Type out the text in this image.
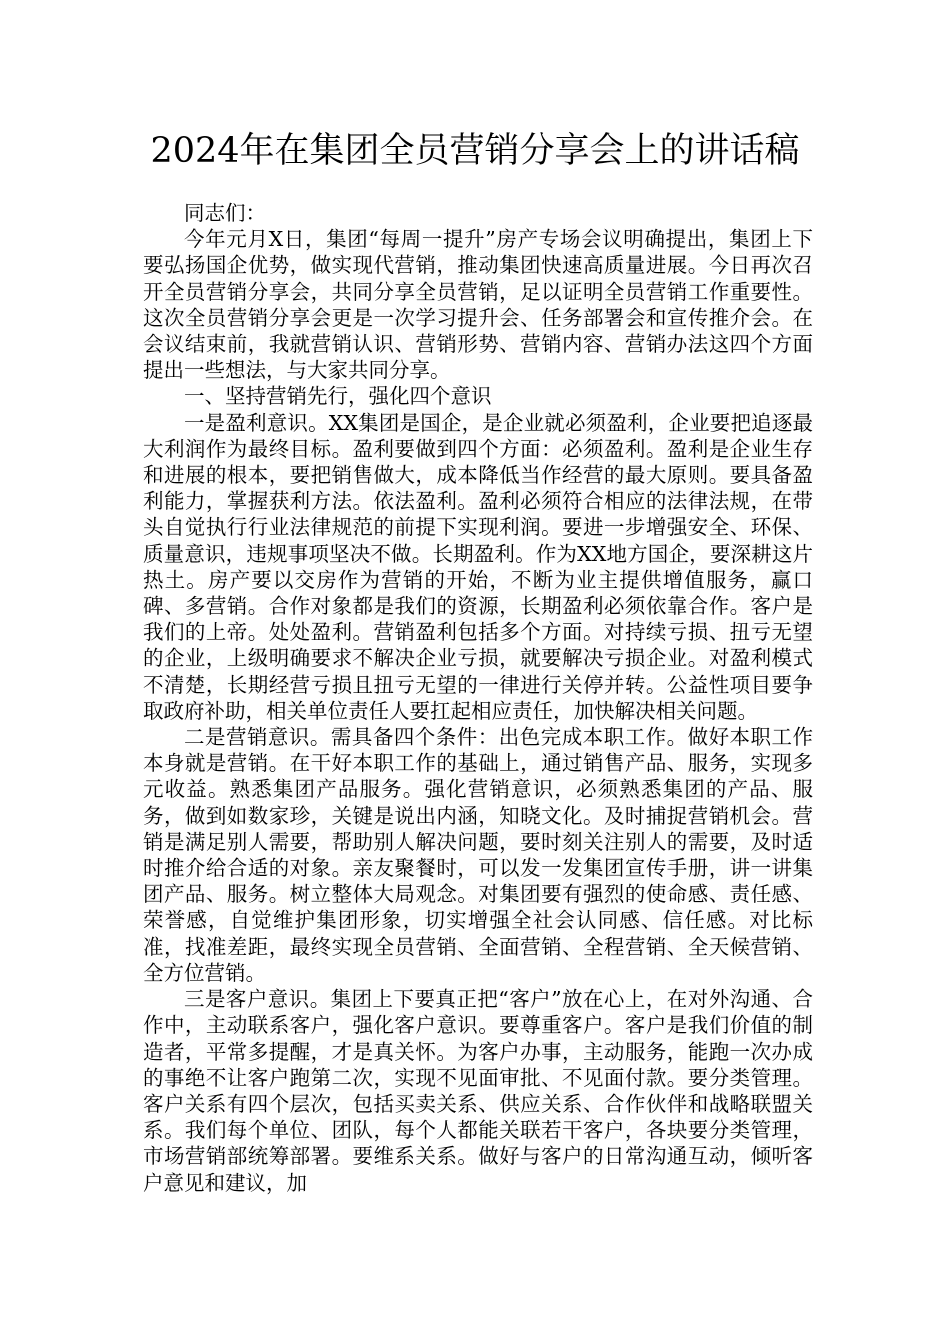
2024年在集团全员营销分享会上的讲话稿

同志们：

今年元月X日，集团“每周一提升”房产专场会议明确提出，集团上下要弘扬国企优势，做实现代营销，推动集团快速高质量进展。今日再次召开全员营销分享会，共同分享全员营销，足以证明全员营销工作重要性。这次全员营销分享会更是一次学习提升会、任务部署会和宣传推介会。在会议结束前，我就营销认识、营销形势、营销内容、营销办法这四个方面提出一些想法，与大家共同分享。

一、坚持营销先行，强化四个意识

一是盈利意识。XX集团是国企，是企业就必须盈利，企业要把追逐最大利润作为最终目标。盈利要做到四个方面：必须盈利。盈利是企业生存和进展的根本，要把销售做大，成本降低当作经营的最大原则。要具备盈利能力，掌握获利方法。依法盈利。盈利必须符合相应的法律法规，在带头自觉执行行业法律规范的前提下实现利润。要进一步增强安全、环保、质量意识，违规事项坚决不做。长期盈利。作为XX地方国企，要深耕这片热土。房产要以交房作为营销的开始，不断为业主提供增值服务，赢口碑、多营销。合作对象都是我们的资源，长期盈利必须依靠合作。客户是我们的上帝。处处盈利。营销盈利包括多个方面。对持续亏损、扭亏无望的企业，上级明确要求不解决企业亏损，就要解决亏损企业。对盈利模式不清楚，长期经营亏损且扭亏无望的一律进行关停并转。公益性项目要争取政府补助，相关单位责任人要扛起相应责任，加快解决相关问题。

二是营销意识。需具备四个条件：出色完成本职工作。做好本职工作本身就是营销。在干好本职工作的基础上，通过销售产品、服务，实现多元收益。熟悉集团产品服务。强化营销意识，必须熟悉集团的产品、服务，做到如数家珍，关键是说出内涵，知晓文化。及时捕捉营销机会。营销是满足别人需要，帮助别人解决问题，要时刻关注别人的需要，及时适时推介给合适的对象。亲友聚餐时，可以发一发集团宣传手册，讲一讲集团产品、服务。树立整体大局观念。对集团要有强烈的使命感、责任感、荣誉感，自觉维护集团形象，切实增强全社会认同感、信任感。对比标准，找准差距，最终实现全员营销、全面营销、全程营销、全天候营销、全方位营销。

三是客户意识。集团上下要真正把“客户”放在心上，在对外沟通、合作中，主动联系客户，强化客户意识。要尊重客户。客户是我们价值的制造者，平常多提醒，才是真关怀。为客户办事，主动服务，能跑一次办成的事绝不让客户跑第二次，实现不见面审批、不见面付款。要分类管理。客户关系有四个层次，包括买卖关系、供应关系、合作伙伴和战略联盟关系。我们每个单位、团队，每个人都能关联若干客户，各块要分类管理，市场营销部统筹部署。要维系关系。做好与客户的日常沟通互动，倾听客户意见和建议，加
